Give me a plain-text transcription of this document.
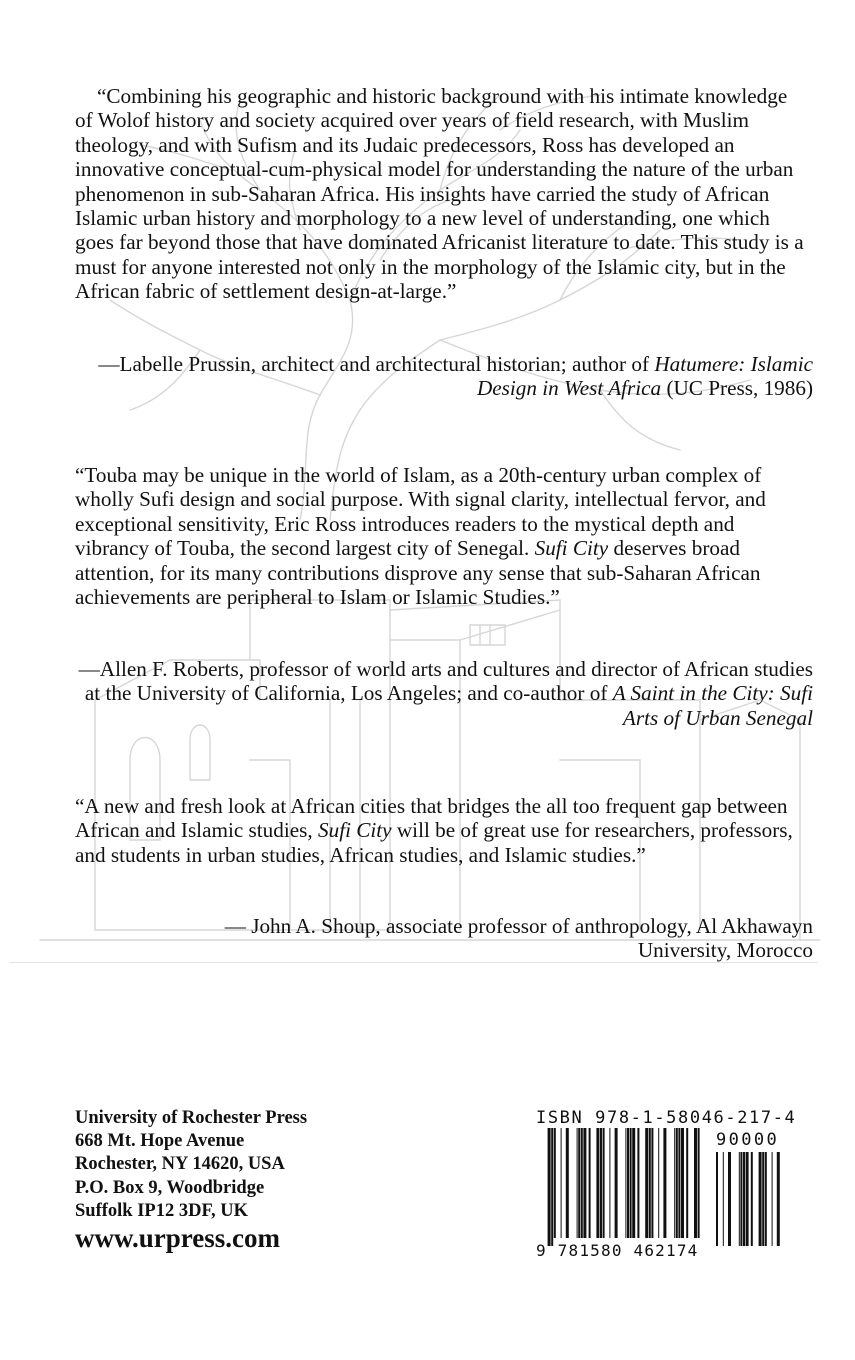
“Combining his geographic and historic background with his intimate knowledge of Wolof history and society acquired over years of field research, with Muslim theology, and with Sufism and its Judaic predecessors, Ross has developed an innovative conceptual-cum-physical model for understanding the nature of the urban phenomenon in sub-Saharan Africa. His insights have carried the study of African Islamic urban history and morphology to a new level of understanding, one which goes far beyond those that have dominated Africanist literature to date. This study is a must for anyone interested not only in the morphology of the Islamic city, but in the African fabric of settlement design-at-large.”

—Labelle Prussin, architect and architectural historian; author of Hatumere: Islamic Design in West Africa (UC Press, 1986)

“Touba may be unique in the world of Islam, as a 20th-century urban complex of wholly Sufi design and social purpose. With signal clarity, intellectual fervor, and exceptional sensitivity, Eric Ross introduces readers to the mystical depth and vibrancy of Touba, the second largest city of Senegal. Sufi City deserves broad attention, for its many contributions disprove any sense that sub-Saharan African achievements are peripheral to Islam or Islamic Studies.”

—Allen F. Roberts, professor of world arts and cultures and director of African studies at the University of California, Los Angeles; and co-author of A Saint in the City: Sufi Arts of Urban Senegal

“A new and fresh look at African cities that bridges the all too frequent gap between African and Islamic studies, Sufi City will be of great use for researchers, professors, and students in urban studies, African studies, and Islamic studies.”

— John A. Shoup, associate professor of anthropology, Al Akhawayn University, Morocco

University of Rochester Press
668 Mt. Hope Avenue
Rochester, NY 14620, USA
P.O. Box 9, Woodbridge
Suffolk IP12 3DF, UK
www.urpress.com
ISBN 978-1-58046-217-4
90000
9 781580 462174
